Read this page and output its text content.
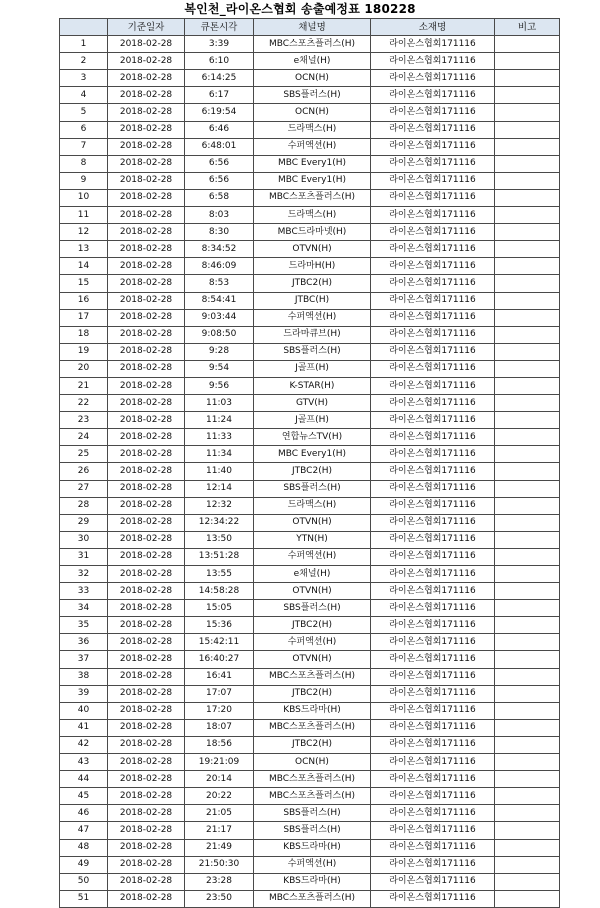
복인천_라이온스협회 송출예정표 180228
	기준일자	큐톤시각	채널명	소재명	비고
1	2018-02-28	3:39	MBC스포츠플러스(H)	라이온스협회171116	
2	2018-02-28	6:10	e채널(H)	라이온스협회171116	
3	2018-02-28	6:14:25	OCN(H)	라이온스협회171116	
4	2018-02-28	6:17	SBS플러스(H)	라이온스협회171116	
5	2018-02-28	6:19:54	OCN(H)	라이온스협회171116	
6	2018-02-28	6:46	드라맥스(H)	라이온스협회171116	
7	2018-02-28	6:48:01	수퍼액션(H)	라이온스협회171116	
8	2018-02-28	6:56	MBC Every1(H)	라이온스협회171116	
9	2018-02-28	6:56	MBC Every1(H)	라이온스협회171116	
10	2018-02-28	6:58	MBC스포츠플러스(H)	라이온스협회171116	
11	2018-02-28	8:03	드라맥스(H)	라이온스협회171116	
12	2018-02-28	8:30	MBC드라마넷(H)	라이온스협회171116	
13	2018-02-28	8:34:52	OTVN(H)	라이온스협회171116	
14	2018-02-28	8:46:09	드라마H(H)	라이온스협회171116	
15	2018-02-28	8:53	JTBC2(H)	라이온스협회171116	
16	2018-02-28	8:54:41	JTBC(H)	라이온스협회171116	
17	2018-02-28	9:03:44	수퍼액션(H)	라이온스협회171116	
18	2018-02-28	9:08:50	드라마큐브(H)	라이온스협회171116	
19	2018-02-28	9:28	SBS플러스(H)	라이온스협회171116	
20	2018-02-28	9:54	J골프(H)	라이온스협회171116	
21	2018-02-28	9:56	K-STAR(H)	라이온스협회171116	
22	2018-02-28	11:03	GTV(H)	라이온스협회171116	
23	2018-02-28	11:24	J골프(H)	라이온스협회171116	
24	2018-02-28	11:33	연합뉴스TV(H)	라이온스협회171116	
25	2018-02-28	11:34	MBC Every1(H)	라이온스협회171116	
26	2018-02-28	11:40	JTBC2(H)	라이온스협회171116	
27	2018-02-28	12:14	SBS플러스(H)	라이온스협회171116	
28	2018-02-28	12:32	드라맥스(H)	라이온스협회171116	
29	2018-02-28	12:34:22	OTVN(H)	라이온스협회171116	
30	2018-02-28	13:50	YTN(H)	라이온스협회171116	
31	2018-02-28	13:51:28	수퍼액션(H)	라이온스협회171116	
32	2018-02-28	13:55	e채널(H)	라이온스협회171116	
33	2018-02-28	14:58:28	OTVN(H)	라이온스협회171116	
34	2018-02-28	15:05	SBS플러스(H)	라이온스협회171116	
35	2018-02-28	15:36	JTBC2(H)	라이온스협회171116	
36	2018-02-28	15:42:11	수퍼액션(H)	라이온스협회171116	
37	2018-02-28	16:40:27	OTVN(H)	라이온스협회171116	
38	2018-02-28	16:41	MBC스포츠플러스(H)	라이온스협회171116	
39	2018-02-28	17:07	JTBC2(H)	라이온스협회171116	
40	2018-02-28	17:20	KBS드라마(H)	라이온스협회171116	
41	2018-02-28	18:07	MBC스포츠플러스(H)	라이온스협회171116	
42	2018-02-28	18:56	JTBC2(H)	라이온스협회171116	
43	2018-02-28	19:21:09	OCN(H)	라이온스협회171116	
44	2018-02-28	20:14	MBC스포츠플러스(H)	라이온스협회171116	
45	2018-02-28	20:22	MBC스포츠플러스(H)	라이온스협회171116	
46	2018-02-28	21:05	SBS플러스(H)	라이온스협회171116	
47	2018-02-28	21:17	SBS플러스(H)	라이온스협회171116	
48	2018-02-28	21:49	KBS드라마(H)	라이온스협회171116	
49	2018-02-28	21:50:30	수퍼액션(H)	라이온스협회171116	
50	2018-02-28	23:28	KBS드라마(H)	라이온스협회171116	
51	2018-02-28	23:50	MBC스포츠플러스(H)	라이온스협회171116	
